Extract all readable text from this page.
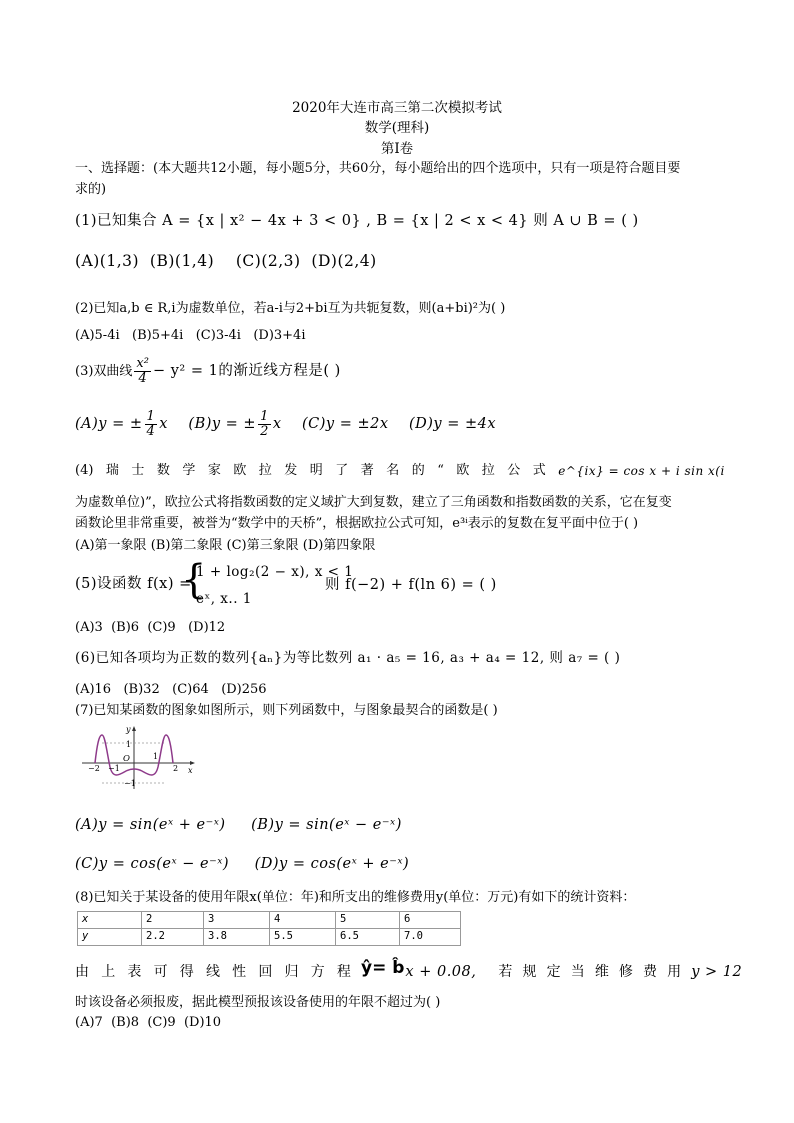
2020年大连市高三第二次模拟考试
数学(理科)
第Ⅰ卷
一、选择题：(本大题共12小题，每小题5分，共60分，每小题给出的四个选项中，只有一项是符合题目要
求的)
(1)已知集合 A = {x | x² − 4x + 3 < 0} , B = {x | 2 < x < 4} 则 A ∪ B = ( )
(A)(1,3) (B)(1,4) (C)(2,3) (D)(2,4)
(2)已知a,b ∈ R,i为虚数单位，若a-i与2+bi互为共轭复数，则(a+bi)²为( )
(A)5-4i (B)5+4i (C)3-4i (D)3+4i
(3)双曲线 $\frac{\text{x²}}{4} - y^2 = 1$的渐近线方程是( )
(A)y = ± $\frac{1}{4}$ x (B)y = ± $\frac{1}{2}$ x (C)y = ±2x (D)y = ±4x
(4) 瑞 士 数 学 家 欧 拉 发 明 了 著 名 的 “ 欧 拉 公 式 e^{ix} = cos x + i sin x(i
为虚数单位)”，欧拉公式将指数函数的定义域扩大到复数，建立了三角函数和指数函数的关系，它在复变
函数论里非常重要，被誉为“数学中的天桥”，根据欧拉公式可知，e³ⁱ表示的复数在复平面中位于( )
(A)第一象限 (B)第二象限 (C)第三象限 (D)第四象限
(5)设函数 f(x) =
{
1 + log₂(2 − x), x < 1
eˣ, x.. 1
则 f(−2) + f(ln 6) = ( )
(A)3 (B)6 (C)9 (D)12
(6)已知各项均为正数的数列{aₙ}为等比数列 a₁ · a₅ = 16, a₃ + a₄ = 12, 则 a₇ = ( )
(A)16 (B)32 (C)64 (D)256
(7)已知某函数的图象如图所示，则下列函数中，与图象最契合的函数是( )
y
x
1
−1
O
−2 −1
1
2
(A)y = sin(eˣ + e⁻ˣ) (B)y = sin(eˣ − e⁻ˣ)
(C)y = cos(eˣ − e⁻ˣ) (D)y = cos(eˣ + e⁻ˣ)
(8)已知关于某设备的使用年限x(单位：年)和所支出的维修费用y(单位：万元)有如下的统计资料：
x	2	3	4	5	6
y	2.2	3.8	5.5	6.5	7.0
由 上 表 可 得 线 性 回 归 方 程 ŷ= b̂ x + 0.08, 若 规 定 当 维 修 费 用 y > 12
时该设备必须报废，据此模型预报该设备使用的年限不超过为( )
(A)7 (B)8 (C)9 (D)10
